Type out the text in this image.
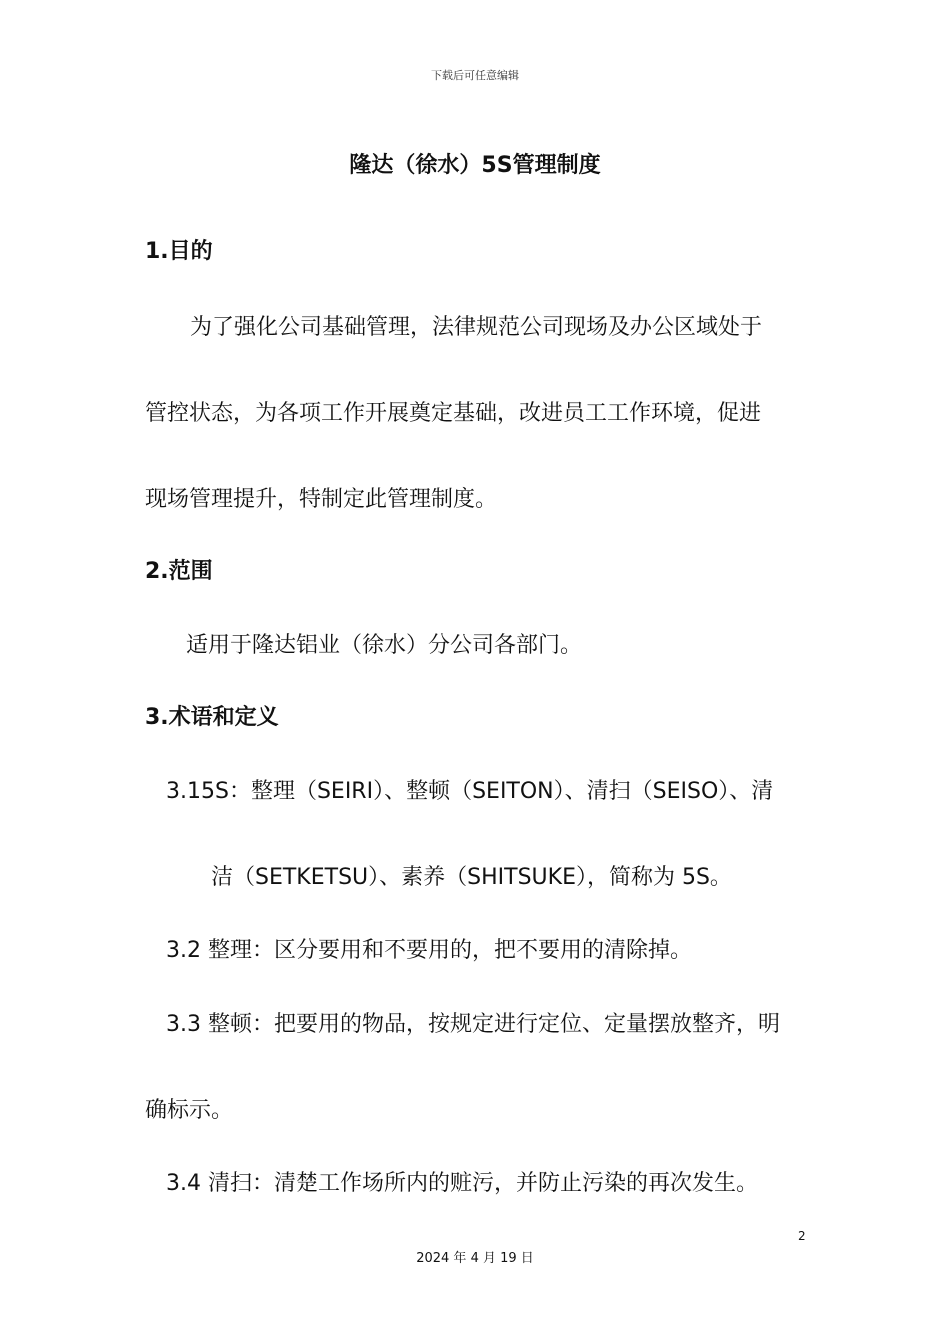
下载后可任意编辑
隆达（徐水）5S管理制度
1.目的
为了强化公司基础管理，法律规范公司现场及办公区域处于
管控状态，为各项工作开展奠定基础，改进员工工作环境，促进
现场管理提升，特制定此管理制度。
2.范围
适用于隆达铝业（徐水）分公司各部门。
3.术语和定义
3.15S：整理（SEIRI）、整顿（SEITON）、清扫（SEISO）、清
洁（SETKETSU）、素养（SHITSUKE），简称为 5S。
3.2 整理：区分要用和不要用的，把不要用的清除掉。
3.3 整顿：把要用的物品，按规定进行定位、定量摆放整齐，明
确标示。
3.4 清扫：清楚工作场所内的赃污，并防止污染的再次发生。
2
2024 年 4 月 19 日
